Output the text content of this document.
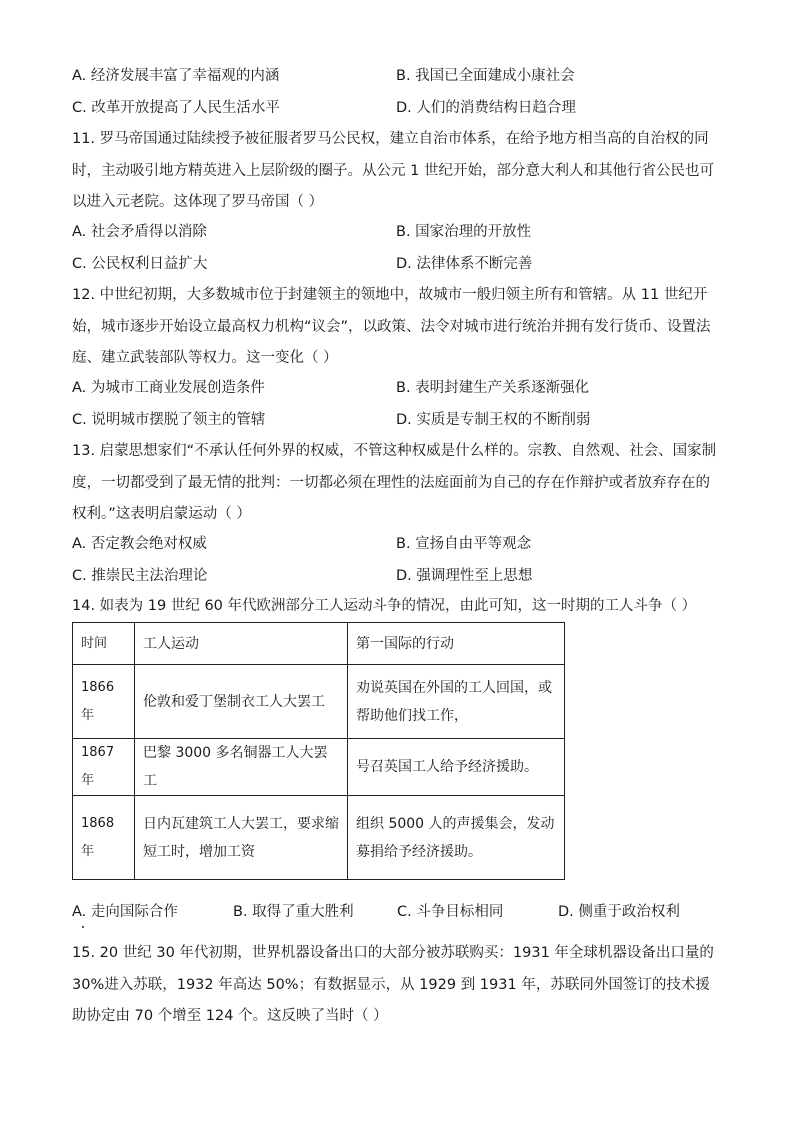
A. 经济发展丰富了幸福观的内涵	B. 我国已全面建成小康社会
C. 改革开放提高了人民生活水平	D. 人们的消费结构日趋合理
11. 罗马帝国通过陆续授予被征服者罗马公民权，建立自治市体系，在给予地方相当高的自治权的同时，主动吸引地方精英进入上层阶级的圈子。从公元 1 世纪开始，部分意大利人和其他行省公民也可以进入元老院。这体现了罗马帝国（ ）
A. 社会矛盾得以消除	B. 国家治理的开放性
C. 公民权利日益扩大	D. 法律体系不断完善
12. 中世纪初期，大多数城市位于封建领主的领地中，故城市一般归领主所有和管辖。从 11 世纪开始，城市逐步开始设立最高权力机构“议会”，以政策、法令对城市进行统治并拥有发行货币、设置法庭、建立武装部队等权力。这一变化（ ）
A. 为城市工商业发展创造条件	B. 表明封建生产关系逐渐强化
C. 说明城市摆脱了领主的管辖	D. 实质是专制王权的不断削弱
13. 启蒙思想家们“不承认任何外界的权威，不管这种权威是什么样的。宗教、自然观、社会、国家制度，一切都受到了最无情的批判：一切都必须在理性的法庭面前为自己的存在作辩护或者放弃存在的权利。”这表明启蒙运动（ ）
A. 否定教会绝对权威	B. 宣扬自由平等观念
C. 推崇民主法治理论	D. 强调理性至上思想
14. 如表为 19 世纪 60 年代欧洲部分工人运动斗争的情况，由此可知，这一时期的工人斗争（ ）
时间	工人运动	第一国际的行动
1866 年	伦敦和爱丁堡制衣工人大罢工	劝说英国在外国的工人回国，或帮助他们找工作，
1867 年	巴黎 3000 多名铜器工人大罢工	号召英国工人给予经济援助。
1868 年	日内瓦建筑工人大罢工，要求缩短工时，增加工资	组织 5000 人的声援集会，发动募捐给予经济援助。
A. 走向国际合作	B. 取得了重大胜利	C. 斗争目标相同	D. 侧重于政治权利
15. 20 世纪 30 年代初期，世界机器设备出口的大部分被苏联购买：1931 年全球机器设备出口量的 30%进入苏联，1932 年高达 50%；有数据显示，从 1929 到 1931 年，苏联同外国签订的技术援助协定由 70 个增至 124 个。这反映了当时（ ）
